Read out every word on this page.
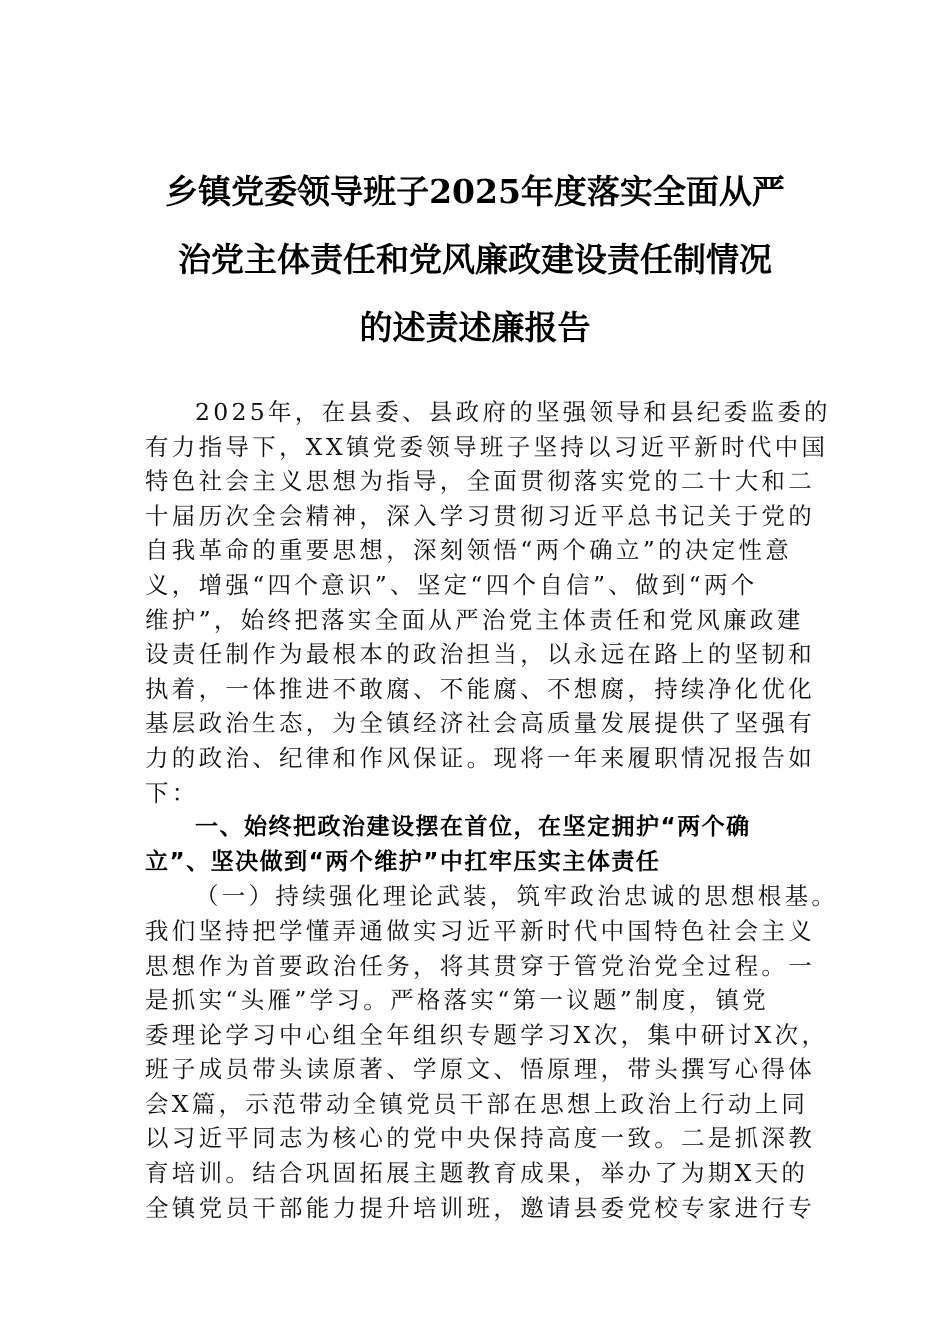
乡镇党委领导班子2025年度落实全面从严
治党主体责任和党风廉政建设责任制情况
的述责述廉报告
2025年，在县委、县政府的坚强领导和县纪委监委的
有力指导下，XX镇党委领导班子坚持以习近平新时代中国
特色社会主义思想为指导，全面贯彻落实党的二十大和二
十届历次全会精神，深入学习贯彻习近平总书记关于党的
自我革命的重要思想，深刻领悟“两个确立”的决定性意
义，增强“四个意识”、坚定“四个自信”、做到“两个
维护”，始终把落实全面从严治党主体责任和党风廉政建
设责任制作为最根本的政治担当，以永远在路上的坚韧和
执着，一体推进不敢腐、不能腐、不想腐，持续净化优化
基层政治生态，为全镇经济社会高质量发展提供了坚强有
力的政治、纪律和作风保证。现将一年来履职情况报告如
下：
一、始终把政治建设摆在首位，在坚定拥护“两个确
立”、坚决做到“两个维护”中扛牢压实主体责任
（一）持续强化理论武装，筑牢政治忠诚的思想根基。
我们坚持把学懂弄通做实习近平新时代中国特色社会主义
思想作为首要政治任务，将其贯穿于管党治党全过程。一
是抓实“头雁”学习。严格落实“第一议题”制度，镇党
委理论学习中心组全年组织专题学习X次，集中研讨X次，
班子成员带头读原著、学原文、悟原理，带头撰写心得体
会X篇，示范带动全镇党员干部在思想上政治上行动上同
以习近平同志为核心的党中央保持高度一致。二是抓深教
育培训。结合巩固拓展主题教育成果，举办了为期X天的
全镇党员干部能力提升培训班，邀请县委党校专家进行专
